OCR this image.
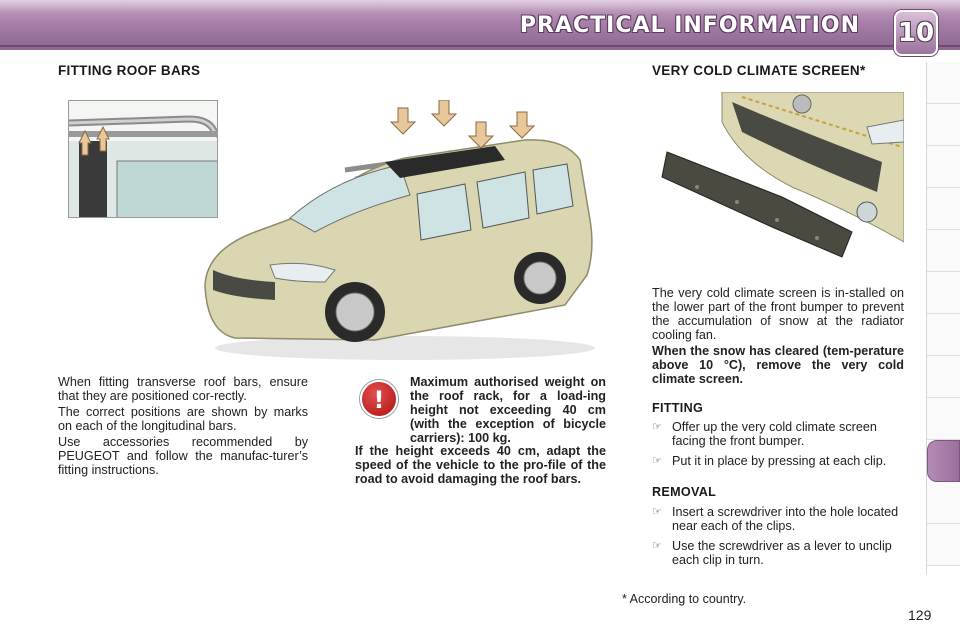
PRACTICAL INFORMATION 10
FITTING ROOF BARS

When fitting transverse roof bars, ensure that they are positioned cor-rectly.

The correct positions are shown by marks on each of the longitudinal bars.

Use accessories recommended by PEUGEOT and follow the manufac-turer’s fitting instructions.

!
Maximum authorised weight on the roof rack, for a load-ing height not exceeding 40 cm (with the exception of bicycle carriers): 100 kg.
If the height exceeds 40 cm, adapt the speed of the vehicle to the pro-file of the road to avoid damaging the roof bars.
VERY COLD CLIMATE SCREEN*

The very cold climate screen is in-stalled on the lower part of the front bumper to prevent the accumulation of snow at the radiator cooling fan.

When the snow has cleared (tem-perature above 10 °C), remove the very cold climate screen.

FITTING
☞ Offer up the very cold climate screen facing the front bumper.
☞ Put it in place by pressing at each clip.
REMOVAL
☞ Insert a screwdriver into the hole located near each of the clips.
☞ Use the screwdriver as a lever to unclip each clip in turn.
* According to country.
129
